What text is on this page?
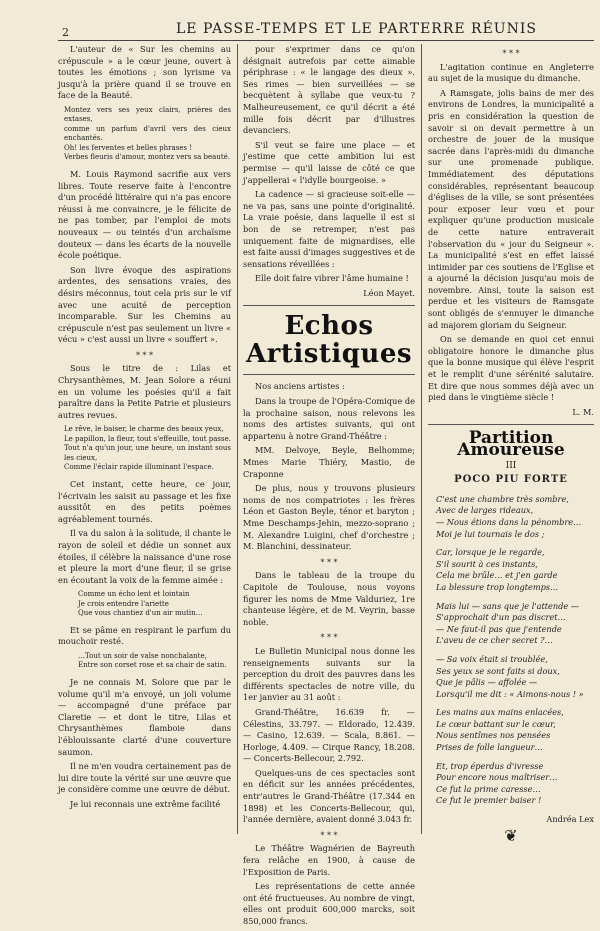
2	LE PASSE-TEMPS ET LE PARTERRE RÉUNIS

L'auteur de « Sur les chemins au crépuscule » a le cœur jeune, ouvert à toutes les émotions ; son lyrisme va jusqu'à la prière quand il se trouve en face de la Beauté.

Montez vers ses yeux clairs, prières des extases,
comme un parfum d'avril vers des cieux enchantés.
Oh! les ferventes et belles phrases !
Verbes fleuris d'amour, montez vers sa beauté.

M. Louis Raymond sacrifie aux vers libres. Toute reserve faite à l'encontre d'un procédé littéraire qui n'a pas encore réussi à me convaincre, je le félicite de ne pas tomber, par l'emploi de mots nouveaux — ou teintés d'un archaïsme douteux — dans les écarts de la nouvelle école poétique.

Son livre évoque des aspirations ardentes, des sensations vraies, des désirs méconnus, tout cela pris sur le vif avec une acuité de perception incomparable. Sur les Chemins au crépuscule n'est pas seulement un livre « vécu » c'est aussi un livre « souffert ».

* * *

Sous le titre de : Lilas et Chrysanthèmes, M. Jean Solore a réuni en un volume les poésies qu'il a fait paraître dans la Petite Patrie et plusieurs autres revues.

Le rêve, le baiser, le charme des beaux yeux,
Le papillon, la fleur, tout s'effeuille, tout passe.
Tout n'a qu'un jour, une heure, un instant sous les cieux,
Comme l'éclair rapide illuminant l'espace.

Cet instant, cette heure, ce jour, l'écrivain les saisit au passage et les fixe aussitôt en des petits poèmes agréablement tournés.

Il va du salon à la solitude, il chante le rayon de soleil et dédie un sonnet aux étoiles, il célèbre la naissance d'une rose et pleure la mort d'une fleur, il se grise en écoutant la voix de la femme aimée :

Comme un écho lent et lointain
Je crois entendre l'ariette
Que vous chantiez d'un air mutin…

Et se pâme en respirant le parfum du mouchoir resté.

…Tout un soir de valse nonchalante,
Entre son corset rose et sa chair de satin.

Je ne connais M. Solore que par le volume qu'il m'a envoyé, un joli volume — accompagné d'une préface par Claretie — et dont le titre, Lilas et Chrysanthèmes flamboie dans l'éblouissante clarté d'une couverture saumon.

Il ne m'en voudra certainement pas de lui dire toute la vérité sur une œuvre que je considère comme une œuvre de début.

Je lui reconnais une extrême facilité

pour s'exprimer dans ce qu'on désignait autrefois par cette aimable périphrase : « le langage des dieux ». Ses rimes — bien surveillées — se becquètent à syllabe que veux-tu ? Malheureusement, ce qu'il décrit a été mille fois décrit par d'illustres devanciers.

S'il veut se faire une place — et j'estime que cette ambition lui est permise — qu'il laisse de côté ce que j'appellerai « l'idylle bourgeoise. »

La cadence — si gracieuse soit-elle — ne va pas, sans une pointe d'originalité. La vraie poésie, dans laquelle il est si bon de se retremper, n'est pas uniquement faite de mignardises, elle est faite aussi d'images suggestives et de sensations réveillées :

Elle doit faire vibrer l'âme humaine !

Léon Mayet.
Echos Artistiques

Nos anciens artistes :

Dans la troupe de l'Opéra-Comique de la prochaine saison, nous relevons les noms des artistes suivants, qui ont appartenu à notre Grand-Théâtre :

MM. Delvoye, Beyle, Belhomme; Mmes Marie Thiéry, Mastio, de Craponne

De plus, nous y trouvons plusieurs noms de nos compatriotes : les frères Léon et Gaston Beyle, ténor et baryton ; Mme Deschamps-Jehin, mezzo-soprano ; M. Alexandre Luigini, chef d'orchestre ; M. Blanchini, dessinateur.

* * *

Dans le tableau de la troupe du Capitole de Toulouse, nous voyons figurer les noms de Mme Valduriez, 1re chanteuse légère, et de M. Veyrin, basse noble.

* * *

Le Bulletin Municipal nous donne les renseignements suivants sur la perception du droit des pauvres dans les différents spectacles de notre ville, du 1er janvier au 31 août :

Grand-Théâtre, 16.639 fr. — Célestins, 33.797. — Eldorado, 12.439. — Casino, 12.639. — Scala, 8.861. — Horloge, 4.409. — Cirque Rancy, 18.208. — Concerts-Bellecour, 2.792.

Quelques-uns de ces spectacles sont en déficit sur les années précédentes, entr'autres le Grand-Théâtre (17.344 en 1898) et les Concerts-Bellecour, qui, l'année dernière, avaient donné 3.043 fr.

* * *

Le Théâtre Wagnérien de Bayreuth fera relâche en 1900, à cause de l'Exposition de Paris.

Les représentations de cette année ont été fructueuses. Au nombre de vingt, elles ont produit 600,000 marcks, soit 850,000 francs.

* * *

L'agitation continue en Angleterre au sujet de la musique du dimanche.

A Ramsgate, jolis bains de mer des environs de Londres, la municipalité a pris en considération la question de savoir si on devait permettre à un orchestre de jouer de la musique sacrée dans l'après-midi du dimanche sur une promenade publique. Immédiatement des députations considérables, représentant beaucoup d'églises de la ville, se sont présentées pour exposer leur vœu et pour expliquer qu'une production musicale de cette nature entraverait l'observation du « jour du Seigneur ». La municipalité s'est en effet laissé intimider par ces soutiens de l'Eglise et a ajourné la décision jusqu'au mois de novembre. Ainsi, toute la saison est perdue et les visiteurs de Ramsgate sont obligés de s'ennuyer le dimanche ad majorem gloriam du Seigneur.

On se demande en quoi cet ennui obligatoire honore le dimanche plus que la bonne musique qui élève l'esprit et le remplit d'une sérénité salutaire. Et dire que nous sommes déjà avec un pied dans le vingtième siècle !

L. M.
Partition Amoureuse
III
POCO PIU FORTE
C'est une chambre très sombre,
Avec de larges rideaux,
— Nous étions dans la pénombre…
Moi je lui tournais le dos ;
Car, lorsque je le regarde,
S'il sourit à ces instants,
Cela me brûle… et j'en garde
La blessure trop longtemps…
Mais lui — sans que je l'attende —
S'approchait d'un pas discret…
— Ne faut-il pas que j'entende
L'aveu de ce cher secret ?…
— Sa voix était si troublée,
Ses yeux se sont faits si doux,
Que je pâlis — affolée —
Lorsqu'il me dit : « Aimons-nous ! »
Les mains aux mains enlacées,
Le cœur battant sur le cœur,
Nous sentîmes nos pensées
Prises de folle langueur…
Et, trop éperdus d'ivresse
Pour encore nous maîtriser…
Ce fut la prime caresse…
Ce fut le premier baiser !
Andréa Lex
❦
